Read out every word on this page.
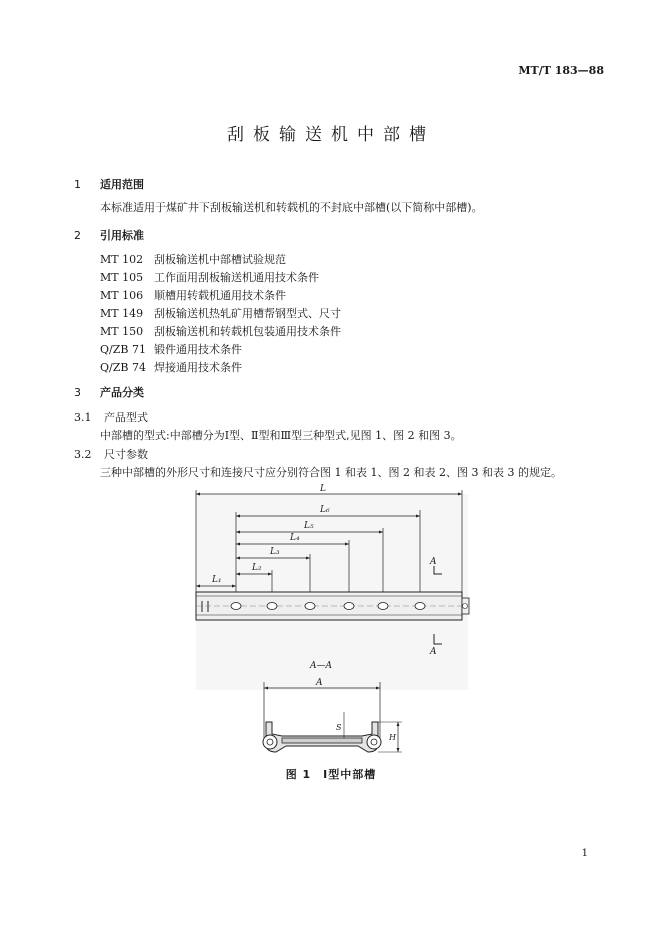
MT/T 183—88
刮板输送机中部槽
1 适用范围
本标准适用于煤矿井下刮板输送机和转载机的不封底中部槽(以下简称中部槽)。
2 引用标准
MT 102 刮板输送机中部槽试验规范
MT 105 工作面用刮板输送机通用技术条件
MT 106 顺槽用转载机通用技术条件
MT 149 刮板输送机热轧矿用槽帮钢型式、尺寸
MT 150 刮板输送机和转载机包装通用技术条件
Q/ZB 71 锻件通用技术条件
Q/ZB 74 焊接通用技术条件
3 产品分类
3.1 产品型式
中部槽的型式:中部槽分为Ⅰ型、Ⅱ型和Ⅲ型三种型式,见图 1、图 2 和图 3。
3.2 尺寸参数
三种中部槽的外形尺寸和连接尺寸应分别符合图 1 和表 1、图 2 和表 2、图 3 和表 3 的规定。
L
L₆
L₅
L₄
L₃
L₂
L₁
A
A
A—A
A
S
H
图 1　Ⅰ型中部槽
1
